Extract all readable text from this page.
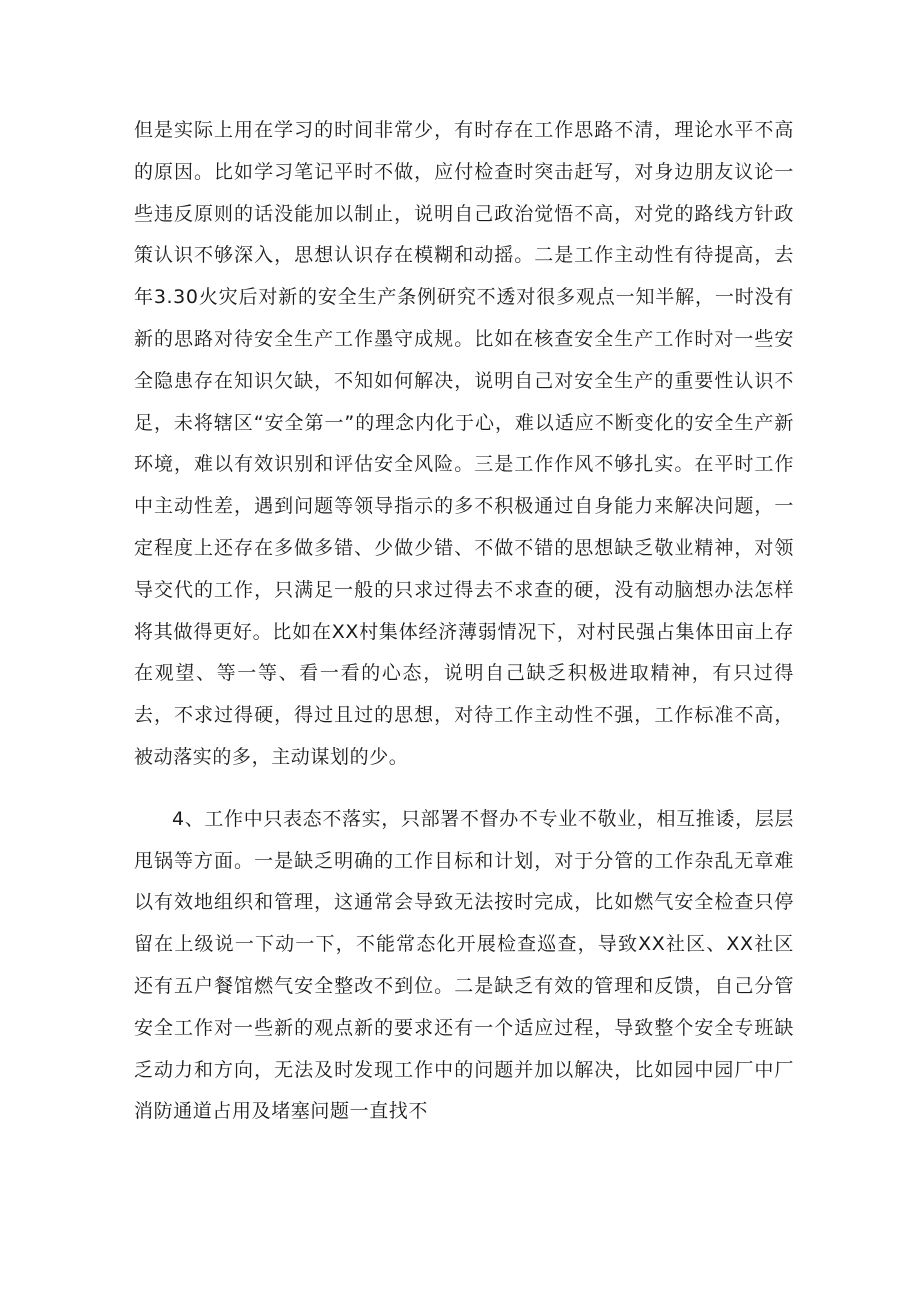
但是实际上用在学习的时间非常少，有时存在工作思路不清，理论水平不高的原因。比如学习笔记平时不做，应付检查时突击赶写，对身边朋友议论一些违反原则的话没能加以制止，说明自己政治觉悟不高，对党的路线方针政策认识不够深入，思想认识存在模糊和动摇。二是工作主动性有待提高，去年3.30火灾后对新的安全生产条例研究不透对很多观点一知半解，一时没有新的思路对待安全生产工作墨守成规。比如在核查安全生产工作时对一些安全隐患存在知识欠缺，不知如何解决，说明自己对安全生产的重要性认识不足，未将辖区“安全第一”的理念内化于心，难以适应不断变化的安全生产新环境，难以有效识别和评估安全风险。三是工作作风不够扎实。在平时工作中主动性差，遇到问题等领导指示的多不积极通过自身能力来解决问题，一定程度上还存在多做多错、少做少错、不做不错的思想缺乏敬业精神，对领导交代的工作，只满足一般的只求过得去不求查的硬，没有动脑想办法怎样将其做得更好。比如在XX村集体经济薄弱情况下，对村民强占集体田亩上存在观望、等一等、看一看的心态，说明自己缺乏积极进取精神，有只过得去，不求过得硬，得过且过的思想，对待工作主动性不强，工作标准不高，被动落实的多，主动谋划的少。

4、工作中只表态不落实，只部署不督办不专业不敬业，相互推诿，层层甩锅等方面。一是缺乏明确的工作目标和计划，对于分管的工作杂乱无章难以有效地组织和管理，这通常会导致无法按时完成，比如燃气安全检查只停留在上级说一下动一下，不能常态化开展检查巡查，导致XX社区、XX社区还有五户餐馆燃气安全整改不到位。二是缺乏有效的管理和反馈，自己分管安全工作对一些新的观点新的要求还有一个适应过程，导致整个安全专班缺乏动力和方向，无法及时发现工作中的问题并加以解决，比如园中园厂中厂消防通道占用及堵塞问题一直找不
